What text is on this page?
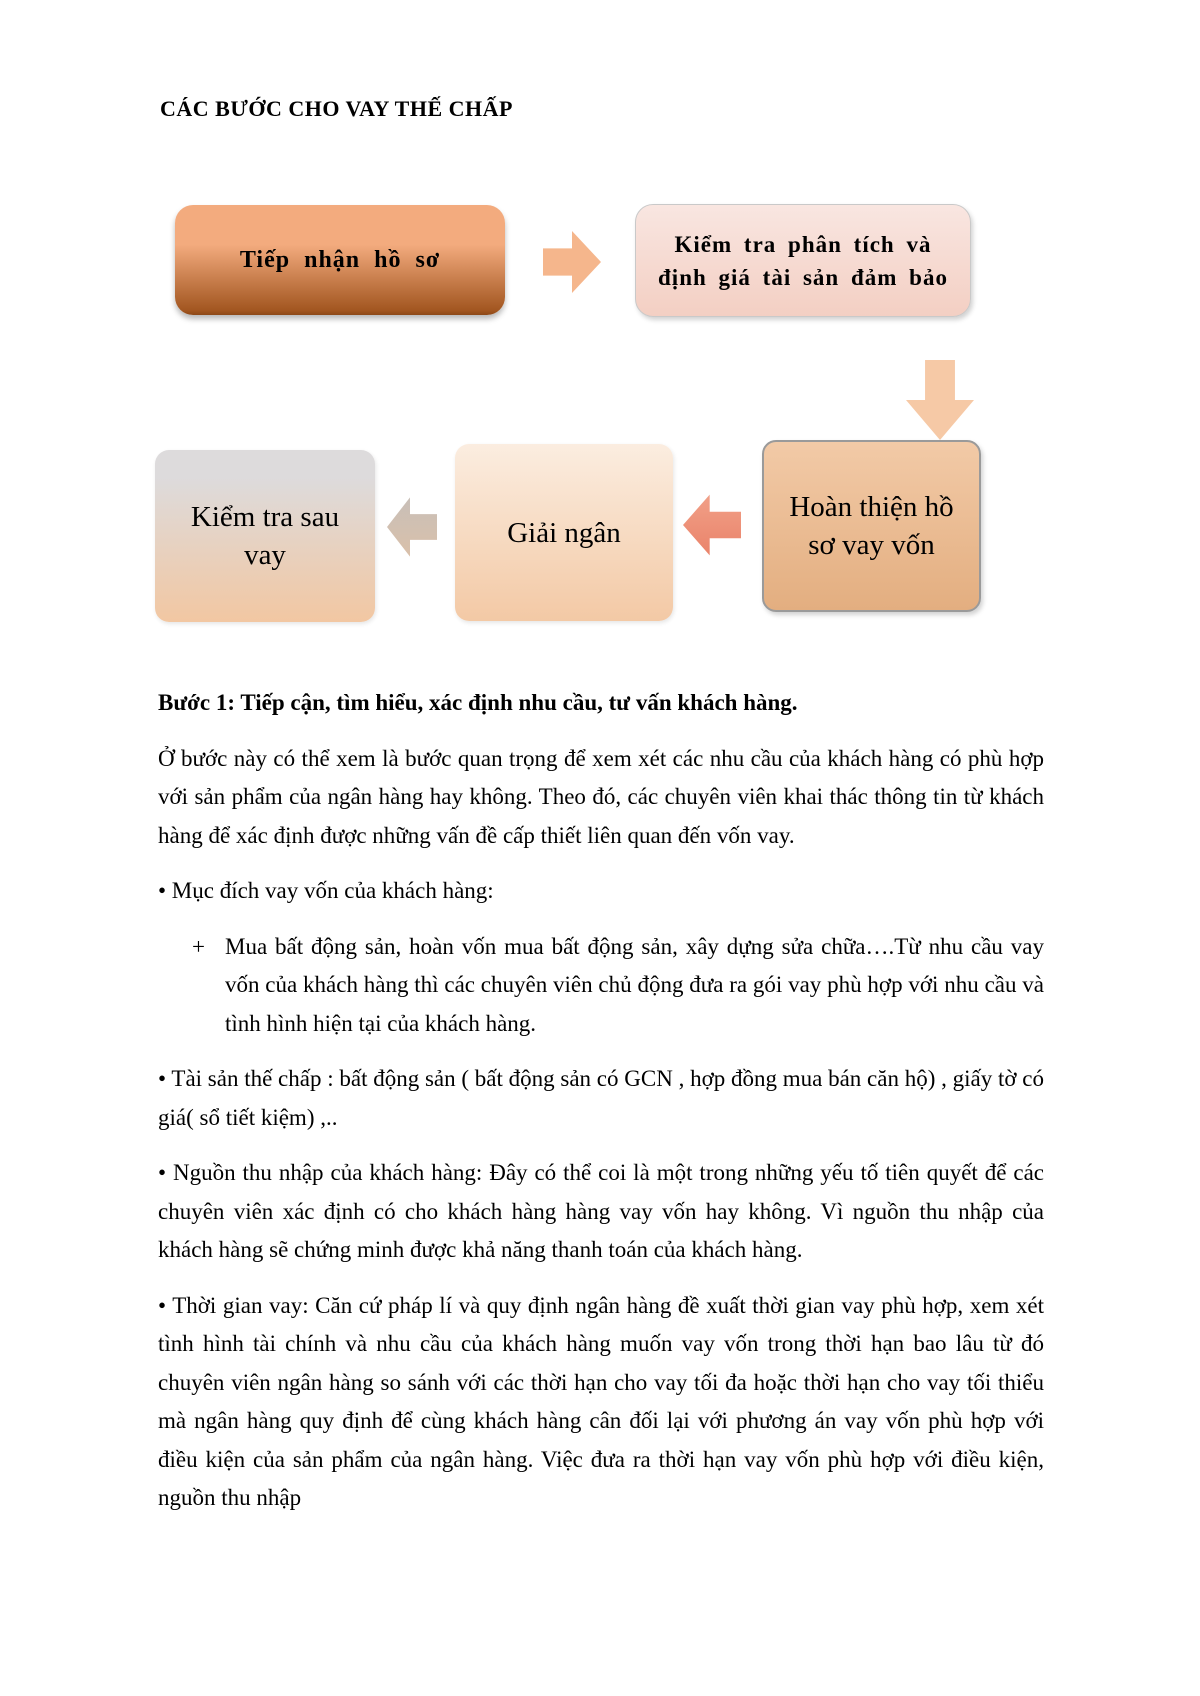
CÁC BƯỚC CHO VAY THẾ CHẤP
Tiếp nhận hồ sơ
Kiểm tra phân tích và định giá tài sản đảm bảo
Hoàn thiện hồ sơ vay vốn
Giải ngân
Kiểm tra sau vay

Bước 1: Tiếp cận, tìm hiểu, xác định nhu cầu, tư vấn khách hàng.

Ở bước này có thể xem là bước quan trọng để xem xét các nhu cầu của khách hàng có phù hợp với sản phẩm của ngân hàng hay không. Theo đó, các chuyên viên khai thác thông tin từ khách hàng để xác định được những vấn đề cấp thiết liên quan đến vốn vay.

• Mục đích vay vốn của khách hàng:

+ Mua bất động sản, hoàn vốn mua bất động sản, xây dựng sửa chữa….Từ nhu cầu vay vốn của khách hàng thì các chuyên viên chủ động đưa ra gói vay phù hợp với nhu cầu và tình hình hiện tại của khách hàng.

• Tài sản thế chấp : bất động sản ( bất động sản có GCN , hợp đồng mua bán căn hộ) , giấy tờ có giá( sổ tiết kiệm) ,..

• Nguồn thu nhập của khách hàng: Đây có thể coi là một trong những yếu tố tiên quyết để các chuyên viên xác định có cho khách hàng hàng vay vốn hay không. Vì nguồn thu nhập của khách hàng sẽ chứng minh được khả năng thanh toán của khách hàng.

• Thời gian vay: Căn cứ pháp lí và quy định ngân hàng đề xuất thời gian vay phù hợp, xem xét tình hình tài chính và nhu cầu của khách hàng muốn vay vốn trong thời hạn bao lâu từ đó chuyên viên ngân hàng so sánh với các thời hạn cho vay tối đa hoặc thời hạn cho vay tối thiểu mà ngân hàng quy định để cùng khách hàng cân đối lại với phương án vay vốn phù hợp với điều kiện của sản phẩm của ngân hàng. Việc đưa ra thời hạn vay vốn phù hợp với điều kiện, nguồn thu nhập
